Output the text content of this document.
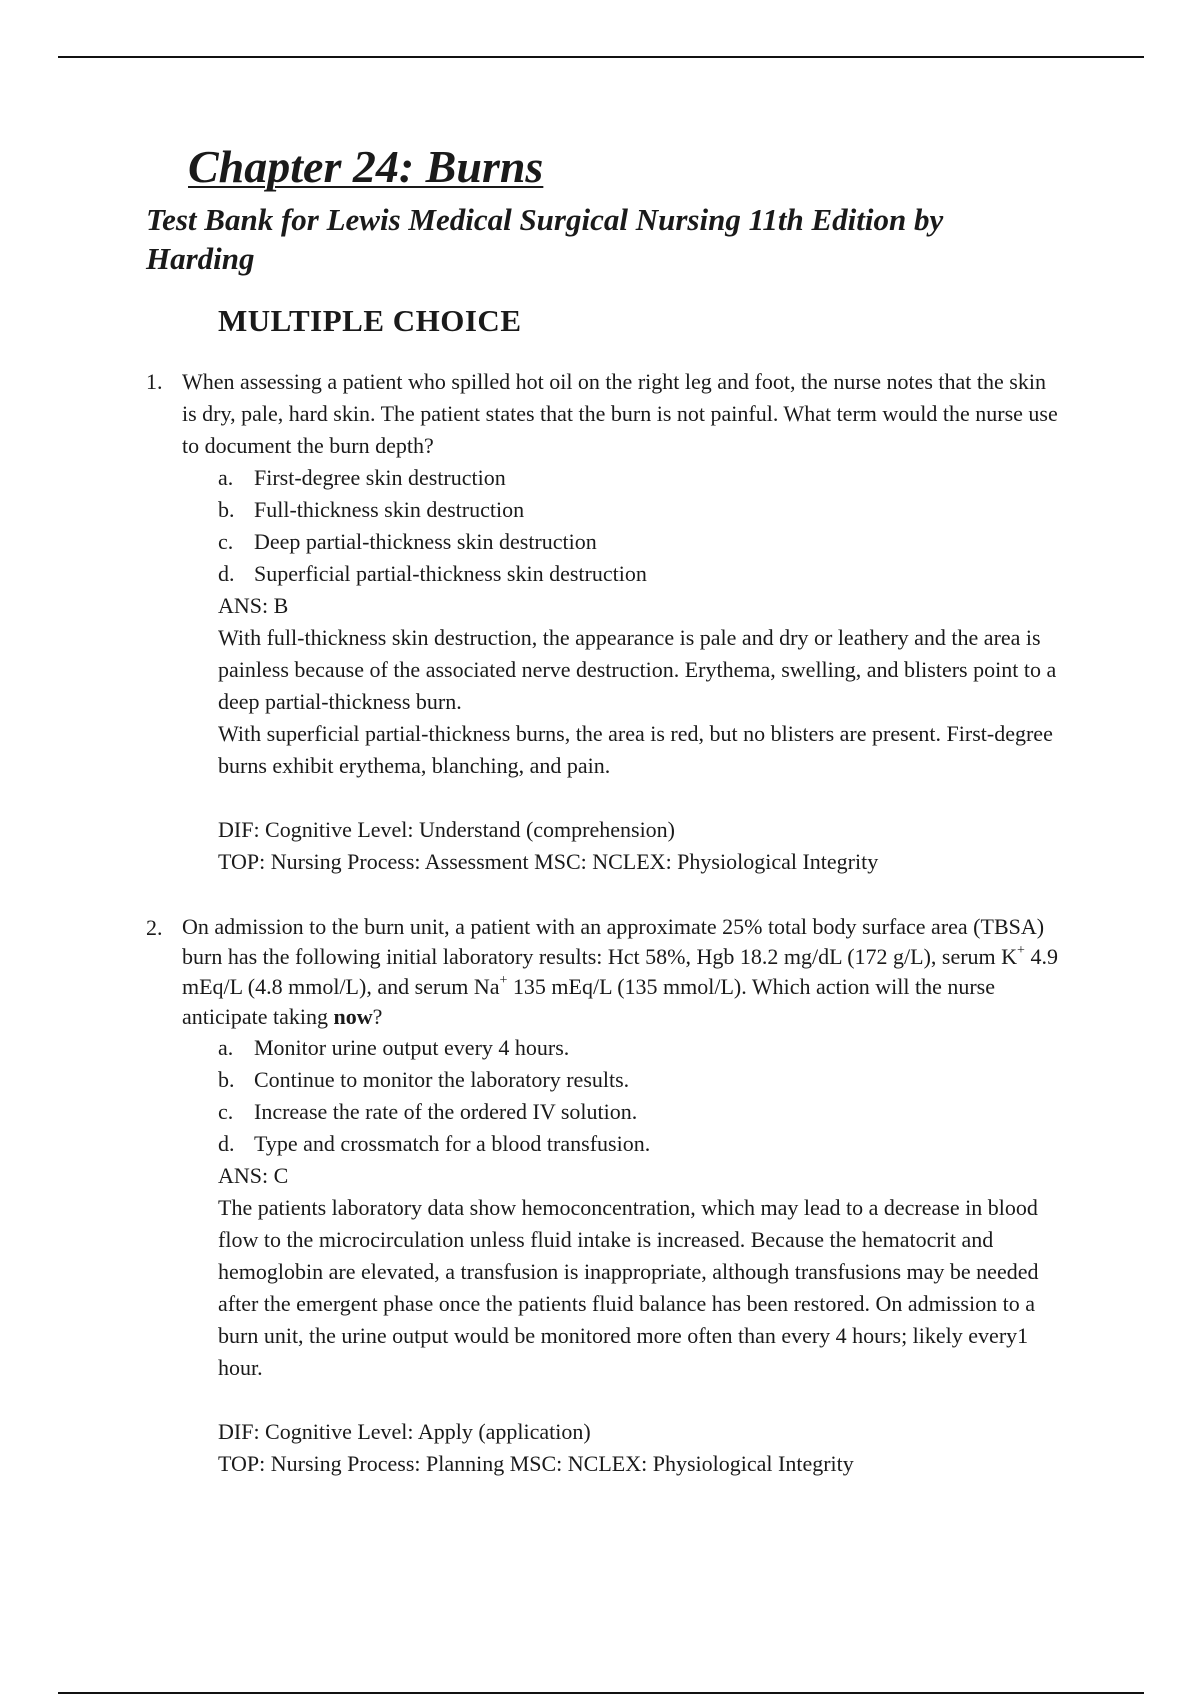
Chapter 24: Burns
Test Bank for Lewis Medical Surgical Nursing 11th Edition by Harding
MULTIPLE CHOICE
1. When assessing a patient who spilled hot oil on the right leg and foot, the nurse notes that the skin is dry, pale, hard skin. The patient states that the burn is not painful. What term would the nurse use to document the burn depth?
a. First-degree skin destruction
b. Full-thickness skin destruction
c. Deep partial-thickness skin destruction
d. Superficial partial-thickness skin destruction
ANS: B

With full-thickness skin destruction, the appearance is pale and dry or leathery and the area is painless because of the associated nerve destruction. Erythema, swelling, and blisters point to a deep partial-thickness burn.

With superficial partial-thickness burns, the area is red, but no blisters are present. First-degree burns exhibit erythema, blanching, and pain.

DIF: Cognitive Level: Understand (comprehension)
TOP: Nursing Process: Assessment MSC: NCLEX: Physiological Integrity
2. On admission to the burn unit, a patient with an approximate 25% total body surface area (TBSA) burn has the following initial laboratory results: Hct 58%, Hgb 18.2 mg/dL (172 g/L), serum K+ 4.9 mEq/L (4.8 mmol/L), and serum Na+ 135 mEq/L (135 mmol/L). Which action will the nurse anticipate taking now?
a. Monitor urine output every 4 hours.
b. Continue to monitor the laboratory results.
c. Increase the rate of the ordered IV solution.
d. Type and crossmatch for a blood transfusion.
ANS: C

The patients laboratory data show hemoconcentration, which may lead to a decrease in blood flow to the microcirculation unless fluid intake is increased. Because the hematocrit and hemoglobin are elevated, a transfusion is inappropriate, although transfusions may be needed after the emergent phase once the patients fluid balance has been restored. On admission to a burn unit, the urine output would be monitored more often than every 4 hours; likely every1 hour.

DIF: Cognitive Level: Apply (application)
TOP: Nursing Process: Planning MSC: NCLEX: Physiological Integrity
